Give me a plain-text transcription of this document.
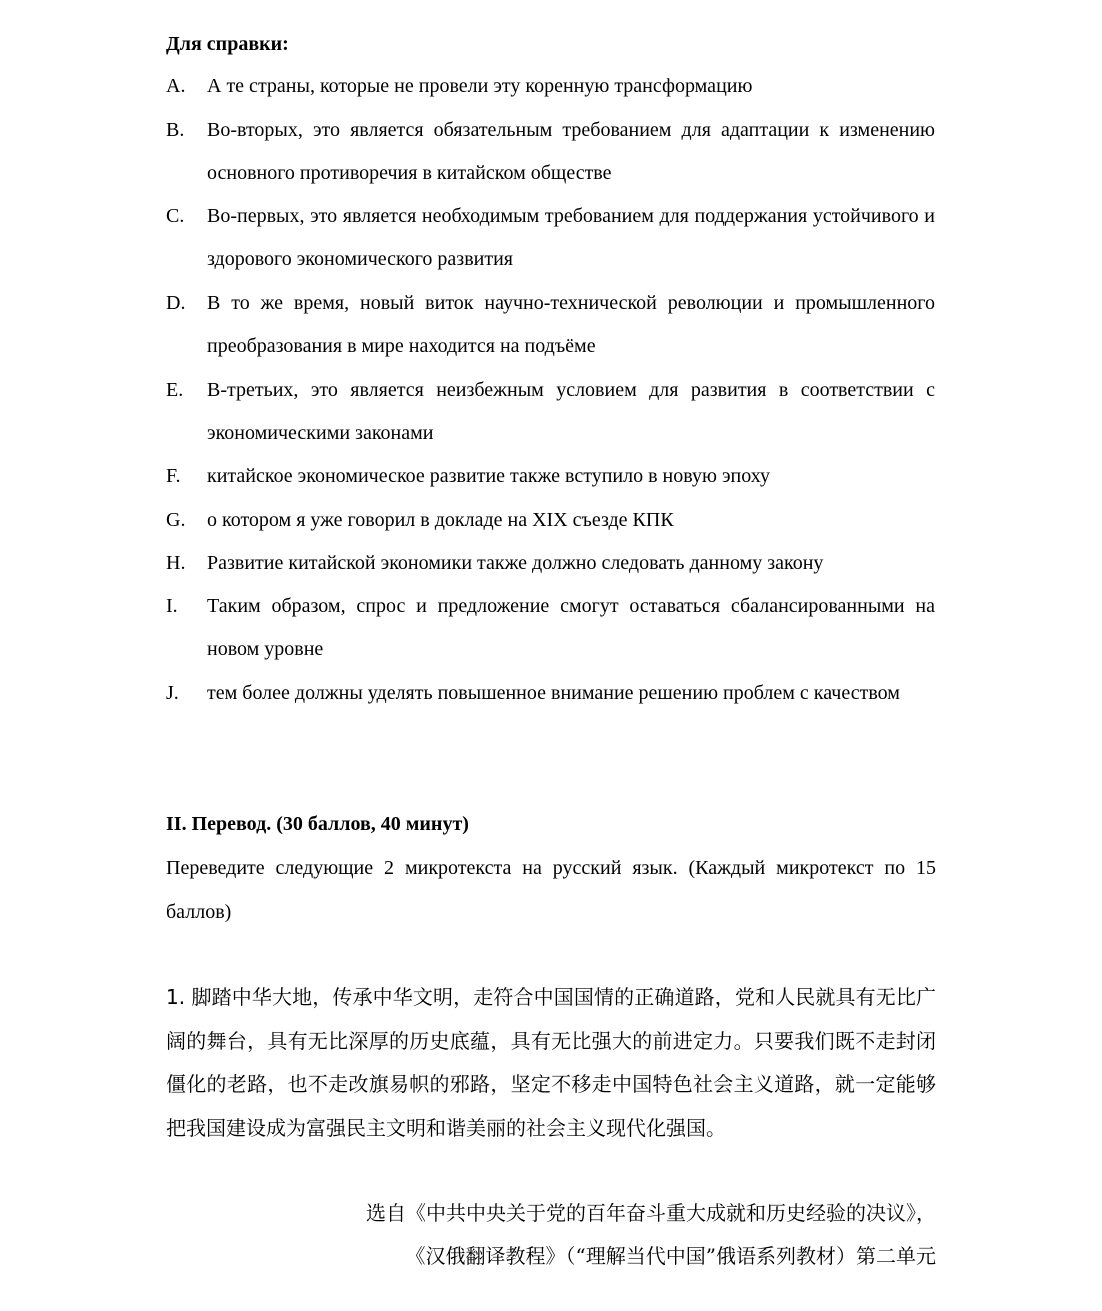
Для справки:
A. А те страны, которые не провели эту коренную трансформацию
B. Во-вторых, это является обязательным требованием для адаптации к изменению основного противоречия в китайском обществе
C. Во-первых, это является необходимым требованием для поддержания устойчивого и здорового экономического развития
D. В то же время, новый виток научно-технической революции и промышленного преобразования в мире находится на подъёме
E. В-третьих, это является неизбежным условием для развития в соответствии с экономическими законами
F. китайское экономическое развитие также вступило в новую эпоху
G. о котором я уже говорил в докладе на XIX съезде КПК
H. Развитие китайской экономики также должно следовать данному закону
I. Таким образом, спрос и предложение смогут оставаться сбалансированными на новом уровне
J. тем более должны уделять повышенное внимание решению проблем с качеством
II. Перевод. (30 баллов, 40 минут)
Переведите следующие 2 микротекста на русский язык. (Каждый микротекст по 15 баллов)
1. 脚踏中华大地，传承中华文明，走符合中国国情的正确道路，党和人民就具有无比广阔的舞台，具有无比深厚的历史底蕴，具有无比强大的前进定力。只要我们既不走封闭僵化的老路，也不走改旗易帜的邪路，坚定不移走中国特色社会主义道路，就一定能够把我国建设成为富强民主文明和谐美丽的社会主义现代化强国。
选自《中共中央关于党的百年奋斗重大成就和历史经验的决议》，
《汉俄翻译教程》（“理解当代中国”俄语系列教材）第二单元
